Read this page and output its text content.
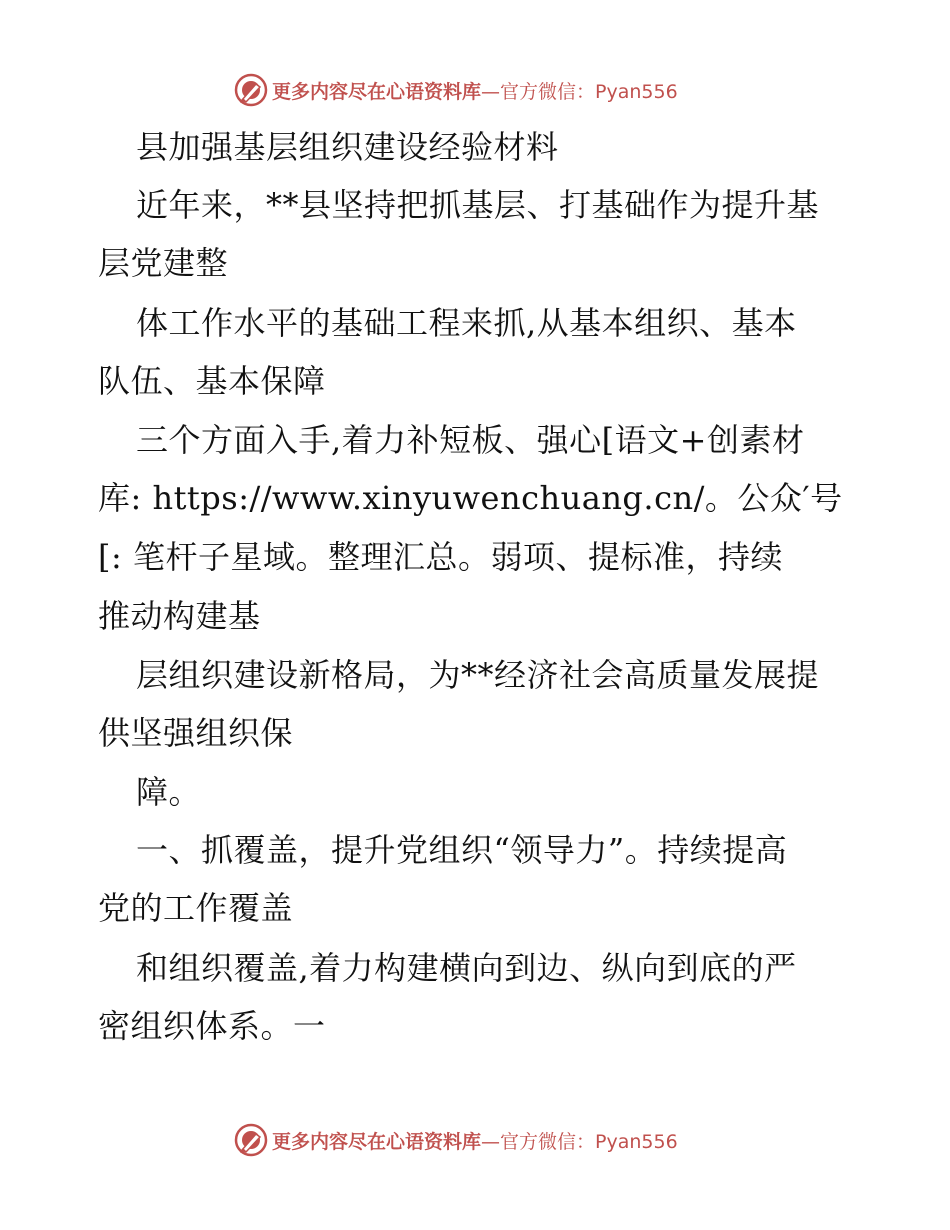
更多内容尽在心语资料库 —官方微信：Pyan556
县加强基层组织建设经验材料
近年来，**县坚持把抓基层、打基础作为提升基
层党建整
体工作水平的基础工程来抓,从基本组织、基本
队伍、基本保障
三个方面入手,着力补短板、强心[语文+创素材
库: https://www.xinyuwenchuang.cn/。公众′号
[: 笔杆子星域。整理汇总。弱项、提标准，持续
推动构建基
层组织建设新格局，为**经济社会高质量发展提
供坚强组织保
障。
一、抓覆盖，提升党组织“领导力”。持续提高
党的工作覆盖
和组织覆盖,着力构建横向到边、纵向到底的严
密组织体系。一
更多内容尽在心语资料库 —官方微信：Pyan556
